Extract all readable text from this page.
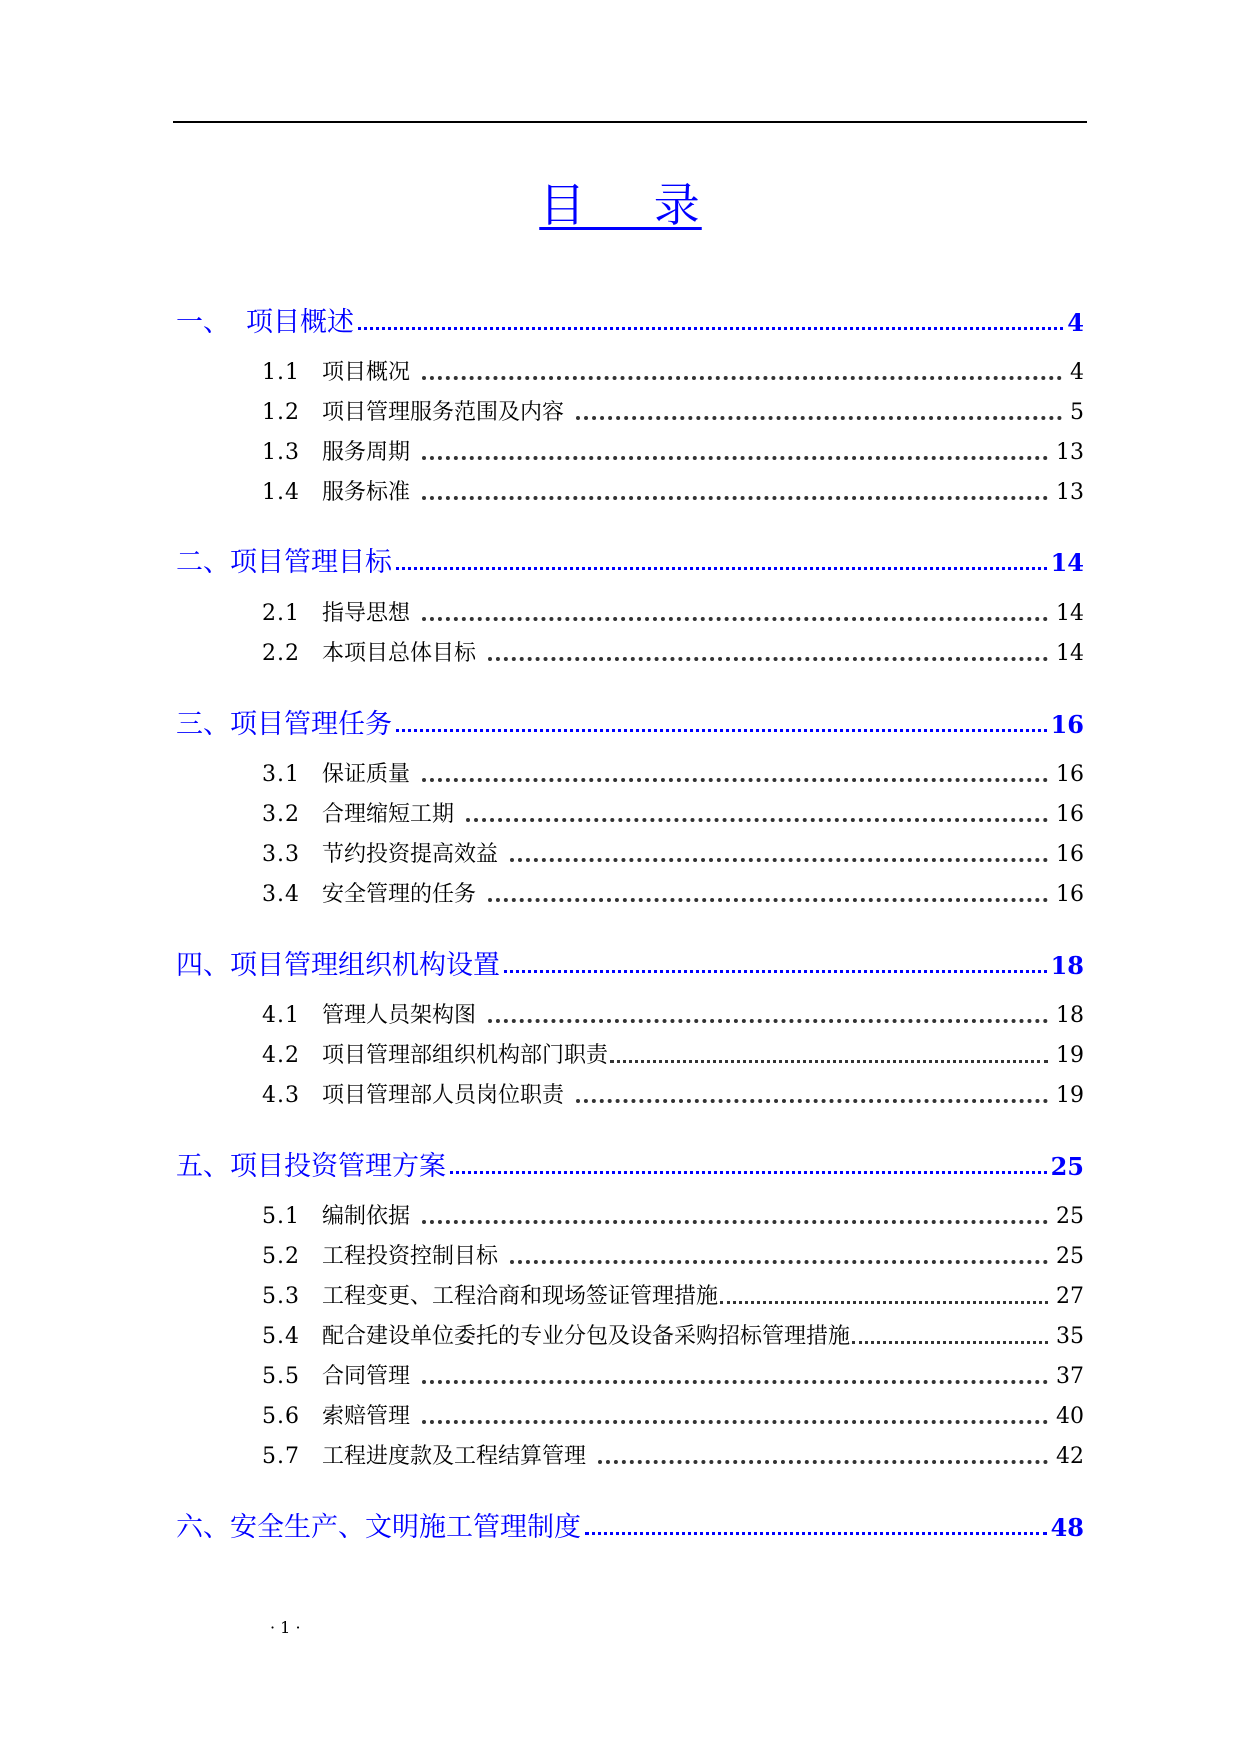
目    录
一、 项目概述	4
1.1	项目概况	4
1.2	项目管理服务范围及内容	5
1.3	服务周期	13
1.4	服务标准	13
二、 项目管理目标	14
2.1	指导思想	14
2.2	本项目总体目标	14
三、 项目管理任务	16
3.1	保证质量	16
3.2	合理缩短工期	16
3.3	节约投资提高效益	16
3.4	安全管理的任务	16
四、 项目管理组织机构设置	18
4.1	管理人员架构图	18
4.2	项目管理部组织机构部门职责	19
4.3	项目管理部人员岗位职责	19
五、 项目投资管理方案	25
5.1	编制依据	25
5.2	工程投资控制目标	25
5.3	工程变更、工程洽商和现场签证管理措施	27
5.4	配合建设单位委托的专业分包及设备采购招标管理措施	35
5.5	合同管理	37
5.6	索赔管理	40
5.7	工程进度款及工程结算管理	42
六、 安全生产、文明施工管理制度	48
· 1 ·
